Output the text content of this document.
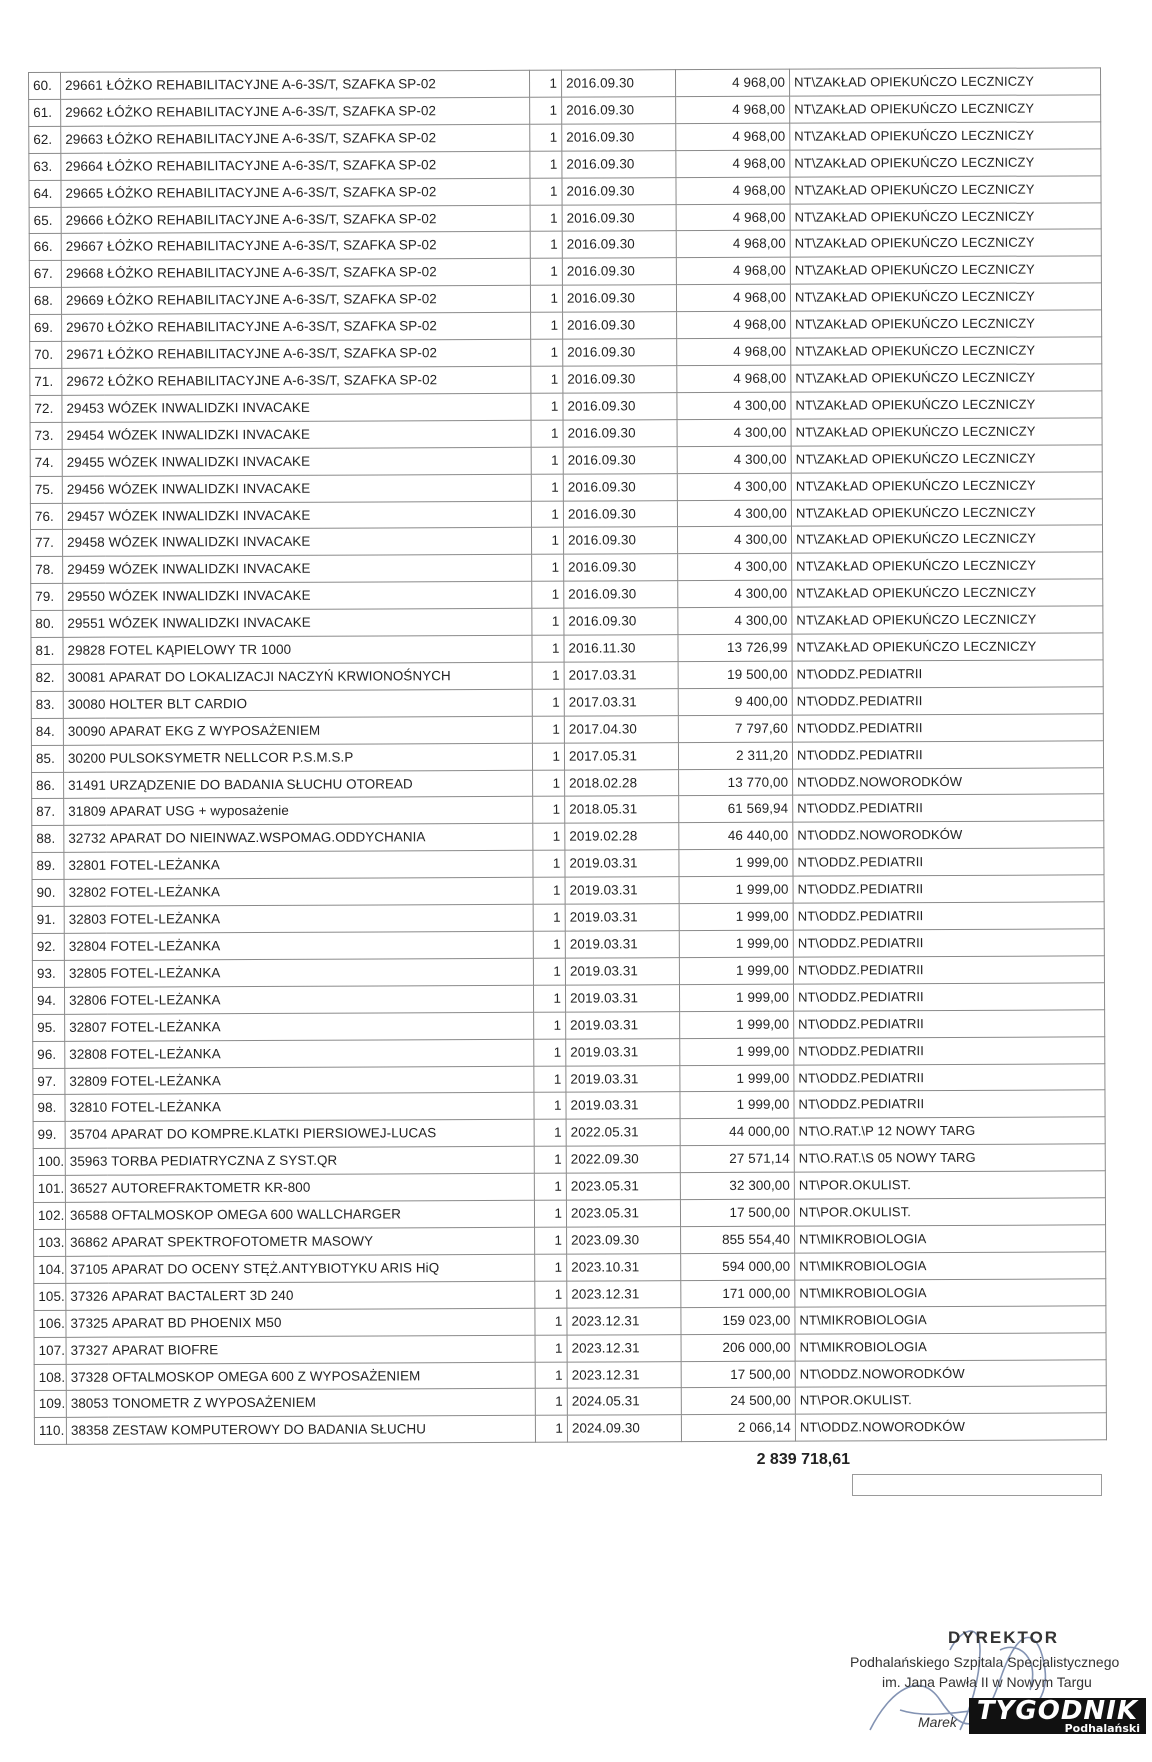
60.	29661	ŁÓŻKO REHABILITACYJNE A-6-3S/T, SZAFKA SP-02	1	2016.09.30	4 968,00	NT\ZAKŁAD OPIEKUŃCZO LECZNICZY
61.	29662	ŁÓŻKO REHABILITACYJNE A-6-3S/T, SZAFKA SP-02	1	2016.09.30	4 968,00	NT\ZAKŁAD OPIEKUŃCZO LECZNICZY
62.	29663	ŁÓŻKO REHABILITACYJNE A-6-3S/T, SZAFKA SP-02	1	2016.09.30	4 968,00	NT\ZAKŁAD OPIEKUŃCZO LECZNICZY
63.	29664	ŁÓŻKO REHABILITACYJNE A-6-3S/T, SZAFKA SP-02	1	2016.09.30	4 968,00	NT\ZAKŁAD OPIEKUŃCZO LECZNICZY
64.	29665	ŁÓŻKO REHABILITACYJNE A-6-3S/T, SZAFKA SP-02	1	2016.09.30	4 968,00	NT\ZAKŁAD OPIEKUŃCZO LECZNICZY
65.	29666	ŁÓŻKO REHABILITACYJNE A-6-3S/T, SZAFKA SP-02	1	2016.09.30	4 968,00	NT\ZAKŁAD OPIEKUŃCZO LECZNICZY
66.	29667	ŁÓŻKO REHABILITACYJNE A-6-3S/T, SZAFKA SP-02	1	2016.09.30	4 968,00	NT\ZAKŁAD OPIEKUŃCZO LECZNICZY
67.	29668	ŁÓŻKO REHABILITACYJNE A-6-3S/T, SZAFKA SP-02	1	2016.09.30	4 968,00	NT\ZAKŁAD OPIEKUŃCZO LECZNICZY
68.	29669	ŁÓŻKO REHABILITACYJNE A-6-3S/T, SZAFKA SP-02	1	2016.09.30	4 968,00	NT\ZAKŁAD OPIEKUŃCZO LECZNICZY
69.	29670	ŁÓŻKO REHABILITACYJNE A-6-3S/T, SZAFKA SP-02	1	2016.09.30	4 968,00	NT\ZAKŁAD OPIEKUŃCZO LECZNICZY
70.	29671	ŁÓŻKO REHABILITACYJNE A-6-3S/T, SZAFKA SP-02	1	2016.09.30	4 968,00	NT\ZAKŁAD OPIEKUŃCZO LECZNICZY
71.	29672	ŁÓŻKO REHABILITACYJNE A-6-3S/T, SZAFKA SP-02	1	2016.09.30	4 968,00	NT\ZAKŁAD OPIEKUŃCZO LECZNICZY
72.	29453	WÓZEK INWALIDZKI INVACAKE	1	2016.09.30	4 300,00	NT\ZAKŁAD OPIEKUŃCZO LECZNICZY
73.	29454	WÓZEK INWALIDZKI INVACAKE	1	2016.09.30	4 300,00	NT\ZAKŁAD OPIEKUŃCZO LECZNICZY
74.	29455	WÓZEK INWALIDZKI INVACAKE	1	2016.09.30	4 300,00	NT\ZAKŁAD OPIEKUŃCZO LECZNICZY
75.	29456	WÓZEK INWALIDZKI INVACAKE	1	2016.09.30	4 300,00	NT\ZAKŁAD OPIEKUŃCZO LECZNICZY
76.	29457	WÓZEK INWALIDZKI INVACAKE	1	2016.09.30	4 300,00	NT\ZAKŁAD OPIEKUŃCZO LECZNICZY
77.	29458	WÓZEK INWALIDZKI INVACAKE	1	2016.09.30	4 300,00	NT\ZAKŁAD OPIEKUŃCZO LECZNICZY
78.	29459	WÓZEK INWALIDZKI INVACAKE	1	2016.09.30	4 300,00	NT\ZAKŁAD OPIEKUŃCZO LECZNICZY
79.	29550	WÓZEK INWALIDZKI INVACAKE	1	2016.09.30	4 300,00	NT\ZAKŁAD OPIEKUŃCZO LECZNICZY
80.	29551	WÓZEK INWALIDZKI INVACAKE	1	2016.09.30	4 300,00	NT\ZAKŁAD OPIEKUŃCZO LECZNICZY
81.	29828	FOTEL KĄPIELOWY TR 1000	1	2016.11.30	13 726,99	NT\ZAKŁAD OPIEKUŃCZO LECZNICZY
82.	30081	APARAT DO LOKALIZACJI NACZYŃ KRWIONOŚNYCH	1	2017.03.31	19 500,00	NT\ODDZ.PEDIATRII
83.	30080	HOLTER BLT CARDIO	1	2017.03.31	9 400,00	NT\ODDZ.PEDIATRII
84.	30090	APARAT EKG Z WYPOSAŻENIEM	1	2017.04.30	7 797,60	NT\ODDZ.PEDIATRII
85.	30200	PULSOKSYMETR NELLCOR P.S.M.S.P	1	2017.05.31	2 311,20	NT\ODDZ.PEDIATRII
86.	31491	URZĄDZENIE DO BADANIA SŁUCHU OTOREAD	1	2018.02.28	13 770,00	NT\ODDZ.NOWORODKÓW
87.	31809	APARAT USG + wyposażenie	1	2018.05.31	61 569,94	NT\ODDZ.PEDIATRII
88.	32732	APARAT DO NIEINWAZ.WSPOMAG.ODDYCHANIA	1	2019.02.28	46 440,00	NT\ODDZ.NOWORODKÓW
89.	32801	FOTEL-LEŻANKA	1	2019.03.31	1 999,00	NT\ODDZ.PEDIATRII
90.	32802	FOTEL-LEŻANKA	1	2019.03.31	1 999,00	NT\ODDZ.PEDIATRII
91.	32803	FOTEL-LEŻANKA	1	2019.03.31	1 999,00	NT\ODDZ.PEDIATRII
92.	32804	FOTEL-LEŻANKA	1	2019.03.31	1 999,00	NT\ODDZ.PEDIATRII
93.	32805	FOTEL-LEŻANKA	1	2019.03.31	1 999,00	NT\ODDZ.PEDIATRII
94.	32806	FOTEL-LEŻANKA	1	2019.03.31	1 999,00	NT\ODDZ.PEDIATRII
95.	32807	FOTEL-LEŻANKA	1	2019.03.31	1 999,00	NT\ODDZ.PEDIATRII
96.	32808	FOTEL-LEŻANKA	1	2019.03.31	1 999,00	NT\ODDZ.PEDIATRII
97.	32809	FOTEL-LEŻANKA	1	2019.03.31	1 999,00	NT\ODDZ.PEDIATRII
98.	32810	FOTEL-LEŻANKA	1	2019.03.31	1 999,00	NT\ODDZ.PEDIATRII
99.	35704	APARAT DO KOMPRE.KLATKI PIERSIOWEJ-LUCAS	1	2022.05.31	44 000,00	NT\O.RAT.\P 12 NOWY TARG
100.	35963	TORBA PEDIATRYCZNA Z SYST.QR	1	2022.09.30	27 571,14	NT\O.RAT.\S 05 NOWY TARG
101.	36527	AUTOREFRAKTOMETR KR-800	1	2023.05.31	32 300,00	NT\POR.OKULIST.
102.	36588	OFTALMOSKOP OMEGA 600 WALLCHARGER	1	2023.05.31	17 500,00	NT\POR.OKULIST.
103.	36862	APARAT SPEKTROFOTOMETR MASOWY	1	2023.09.30	855 554,40	NT\MIKROBIOLOGIA
104.	37105	APARAT DO OCENY STĘŻ.ANTYBIOTYKU ARIS HiQ	1	2023.10.31	594 000,00	NT\MIKROBIOLOGIA
105.	37326	APARAT BACTALERT 3D 240	1	2023.12.31	171 000,00	NT\MIKROBIOLOGIA
106.	37325	APARAT BD PHOENIX M50	1	2023.12.31	159 023,00	NT\MIKROBIOLOGIA
107.	37327	APARAT BIOFRE	1	2023.12.31	206 000,00	NT\MIKROBIOLOGIA
108.	37328	OFTALMOSKOP OMEGA 600 Z WYPOSAŻENIEM	1	2023.12.31	17 500,00	NT\ODDZ.NOWORODKÓW
109.	38053	TONOMETR Z WYPOSAŻENIEM	1	2024.05.31	24 500,00	NT\POR.OKULIST.
110.	38358	ZESTAW KOMPUTEROWY DO BADANIA SŁUCHU	1	2024.09.30	2 066,14	NT\ODDZ.NOWORODKÓW
2 839 718,61
DYREKTOR
Podhalańskiego Szpitala Specjalistycznego
im. Jana Pawła II w Nowym Targu
Marek TYGODNIK
Podhalański
